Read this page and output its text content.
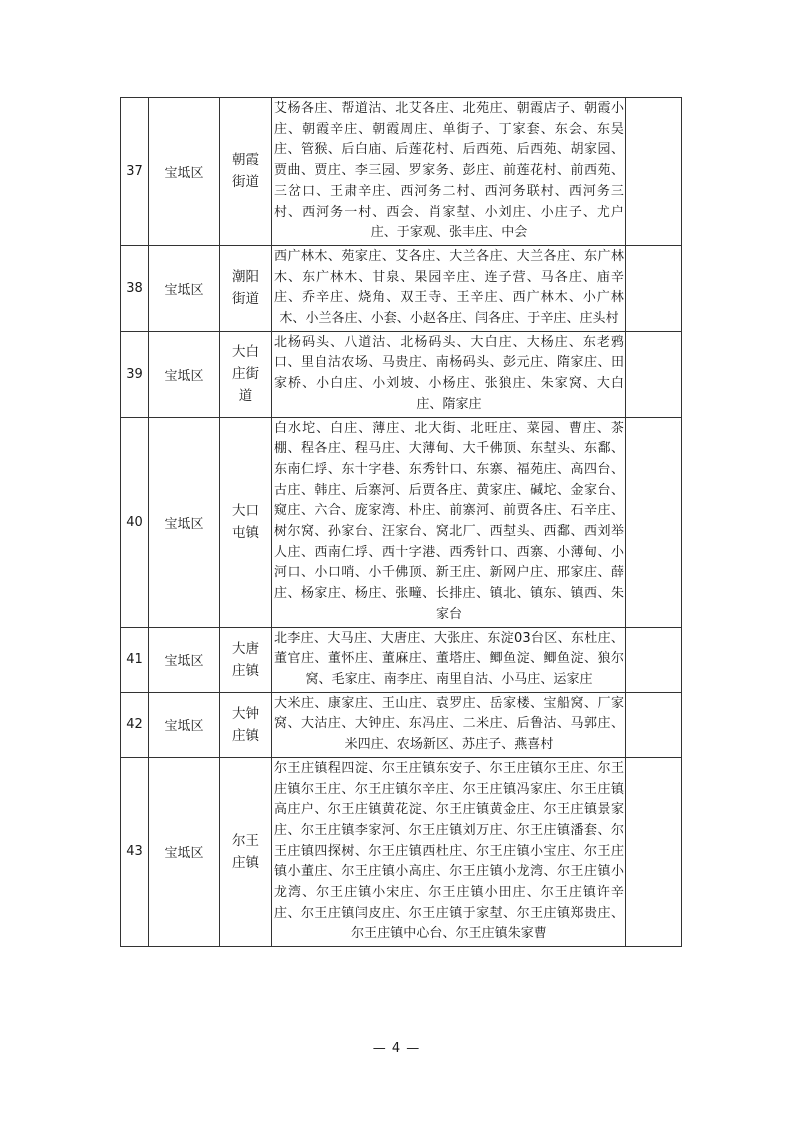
37	宝坻区	朝霞街道	艾杨各庄、帮道沽、北艾各庄、北苑庄、朝霞店子、朝霞小庄、朝霞辛庄、朝霞周庄、单街子、丁家套、东会、东吴庄、管猴、后白庙、后莲花村、后西苑、后西苑、胡家园、贾曲、贾庄、李三园、罗家务、彭庄、前莲花村、前西苑、三岔口、王肃辛庄、西河务二村、西河务联村、西河务三村、西河务一村、西会、肖家堼、小刘庄、小庄子、尤户庄、于家观、张丰庄、中会	

38	宝坻区	潮阳街道	西广林木、苑家庄、艾各庄、大兰各庄、大兰各庄、东广林木、东广林木、甘泉、果园辛庄、连子营、马各庄、庙辛庄、乔辛庄、烧角、双王寺、王辛庄、西广林木、小广林木、小兰各庄、小套、小赵各庄、闫各庄、于辛庄、庄头村	

39	宝坻区	大白庄街道	北杨码头、八道沽、北杨码头、大白庄、大杨庄、东老鸦口、里自沽农场、马贵庄、南杨码头、彭元庄、隋家庄、田家桥、小白庄、小刘坡、小杨庄、张狼庄、朱家窝、大白庄、隋家庄	

40	宝坻区	大口屯镇	白水坨、白庄、薄庄、北大街、北旺庄、菜园、曹庄、茶棚、程各庄、程马庄、大薄甸、大千佛顶、东堼头、东鄱、东南仁垺、东十字巷、东秀针口、东寨、福苑庄、高四台、古庄、韩庄、后寨河、后贾各庄、黄家庄、碱坨、金家台、窥庄、六合、庞家湾、朴庄、前寨河、前贾各庄、石辛庄、树尔窝、孙家台、汪家台、窝北厂、西堼头、西鄱、西刘举人庄、西南仁垺、西十字港、西秀针口、西寨、小薄甸、小河口、小口哨、小千佛顶、新王庄、新网户庄、邢家庄、薛庄、杨家庄、杨庄、张疃、长排庄、镇北、镇东、镇西、朱家台	

41	宝坻区	大唐庄镇	北李庄、大马庄、大唐庄、大张庄、东淀03台区、东杜庄、董官庄、董怀庄、董麻庄、董塔庄、鲫鱼淀、鲫鱼淀、狼尔窝、毛家庄、南李庄、南里自沽、小马庄、运家庄	

42	宝坻区	大钟庄镇	大米庄、康家庄、王山庄、袁罗庄、岳家楼、宝船窝、厂家窝、大沽庄、大钟庄、东冯庄、二米庄、后鲁沽、马郭庄、米四庄、农场新区、苏庄子、燕喜村	

43	宝坻区	尔王庄镇	尔王庄镇程四淀、尔王庄镇东安子、尔王庄镇尔王庄、尔王庄镇尔王庄、尔王庄镇尔辛庄、尔王庄镇冯家庄、尔王庄镇高庄户、尔王庄镇黄花淀、尔王庄镇黄金庄、尔王庄镇景家庄、尔王庄镇李家河、尔王庄镇刘万庄、尔王庄镇潘套、尔王庄镇四探树、尔王庄镇西杜庄、尔王庄镇小宝庄、尔王庄镇小董庄、尔王庄镇小高庄、尔王庄镇小龙湾、尔王庄镇小龙湾、尔王庄镇小宋庄、尔王庄镇小田庄、尔王庄镇许辛庄、尔王庄镇闫皮庄、尔王庄镇于家堼、尔王庄镇郑贵庄、尔王庄镇中心台、尔王庄镇朱家曹	

— 4 —
